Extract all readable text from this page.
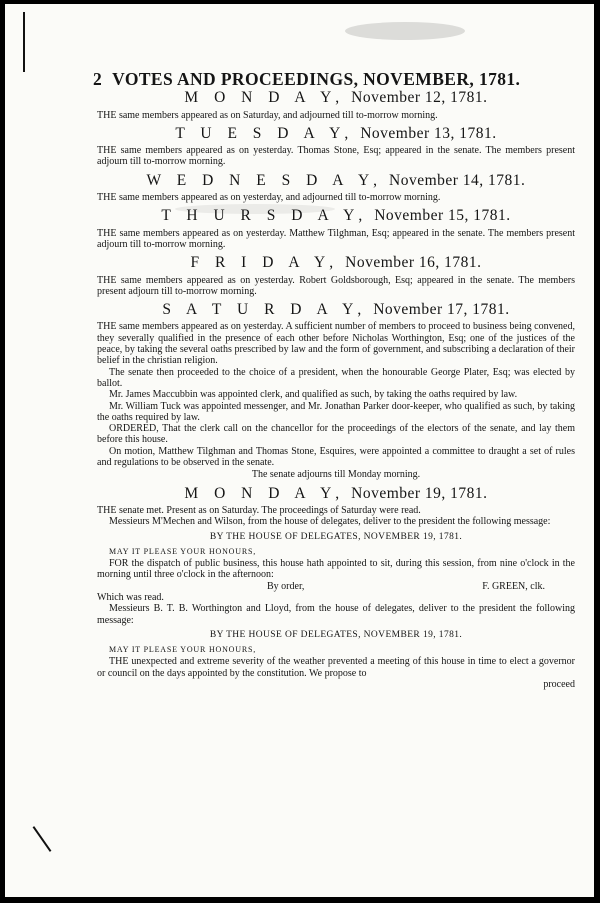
2 VOTES AND PROCEEDINGS, NOVEMBER, 1781.
M O N D A Y, November 12, 1781.

THE same members appeared as on Saturday, and adjourned till to-morrow morning.

T U E S D A Y, November 13, 1781.

THE same members appeared as on yesterday. Thomas Stone, Esq; appeared in the senate. The members present adjourn till to-morrow morning.

W E D N E S D A Y, November 14, 1781.

THE same members appeared as on yesterday, and adjourned till to-morrow morning.

T H U R S D A Y, November 15, 1781.

THE same members appeared as on yesterday. Matthew Tilghman, Esq; appeared in the senate. The members present adjourn till to-morrow morning.

F R I D A Y, November 16, 1781.

THE same members appeared as on yesterday. Robert Goldsborough, Esq; appeared in the senate. The members present adjourn till to-morrow morning.

S A T U R D A Y, November 17, 1781.

THE same members appeared as on yesterday. A sufficient number of members to proceed to business being convened, they severally qualified in the presence of each other before Nicholas Worthington, Esq; one of the justices of the peace, by taking the several oaths prescribed by law and the form of government, and subscribing a declaration of their belief in the christian religion.

The senate then proceeded to the choice of a president, when the honourable George Plater, Esq; was elected by ballot.

Mr. James Maccubbin was appointed clerk, and qualified as such, by taking the oaths required by law.

Mr. William Tuck was appointed messenger, and Mr. Jonathan Parker door-keeper, who qualified as such, by taking the oaths required by law.

ORDERED, That the clerk call on the chancellor for the proceedings of the electors of the senate, and lay them before this house.

On motion, Matthew Tilghman and Thomas Stone, Esquires, were appointed a committee to draught a set of rules and regulations to be observed in the senate.

The senate adjourns till Monday morning.

M O N D A Y, November 19, 1781.

THE senate met. Present as on Saturday. The proceedings of Saturday were read.

Messieurs M'Mechen and Wilson, from the house of delegates, deliver to the president the following message:

BY THE HOUSE OF DELEGATES, NOVEMBER 19, 1781.
MAY IT PLEASE YOUR HONOURS,

FOR the dispatch of public business, this house hath appointed to sit, during this session, from nine o'clock in the morning until three o'clock in the afternoon:

By order,	F. GREEN, clk.

Which was read.

Messieurs B. T. B. Worthington and Lloyd, from the house of delegates, deliver to the president the following message:

BY THE HOUSE OF DELEGATES, NOVEMBER 19, 1781.
MAY IT PLEASE YOUR HONOURS,

THE unexpected and extreme severity of the weather prevented a meeting of this house in time to elect a governor or council on the days appointed by the constitution. We propose to

proceed
